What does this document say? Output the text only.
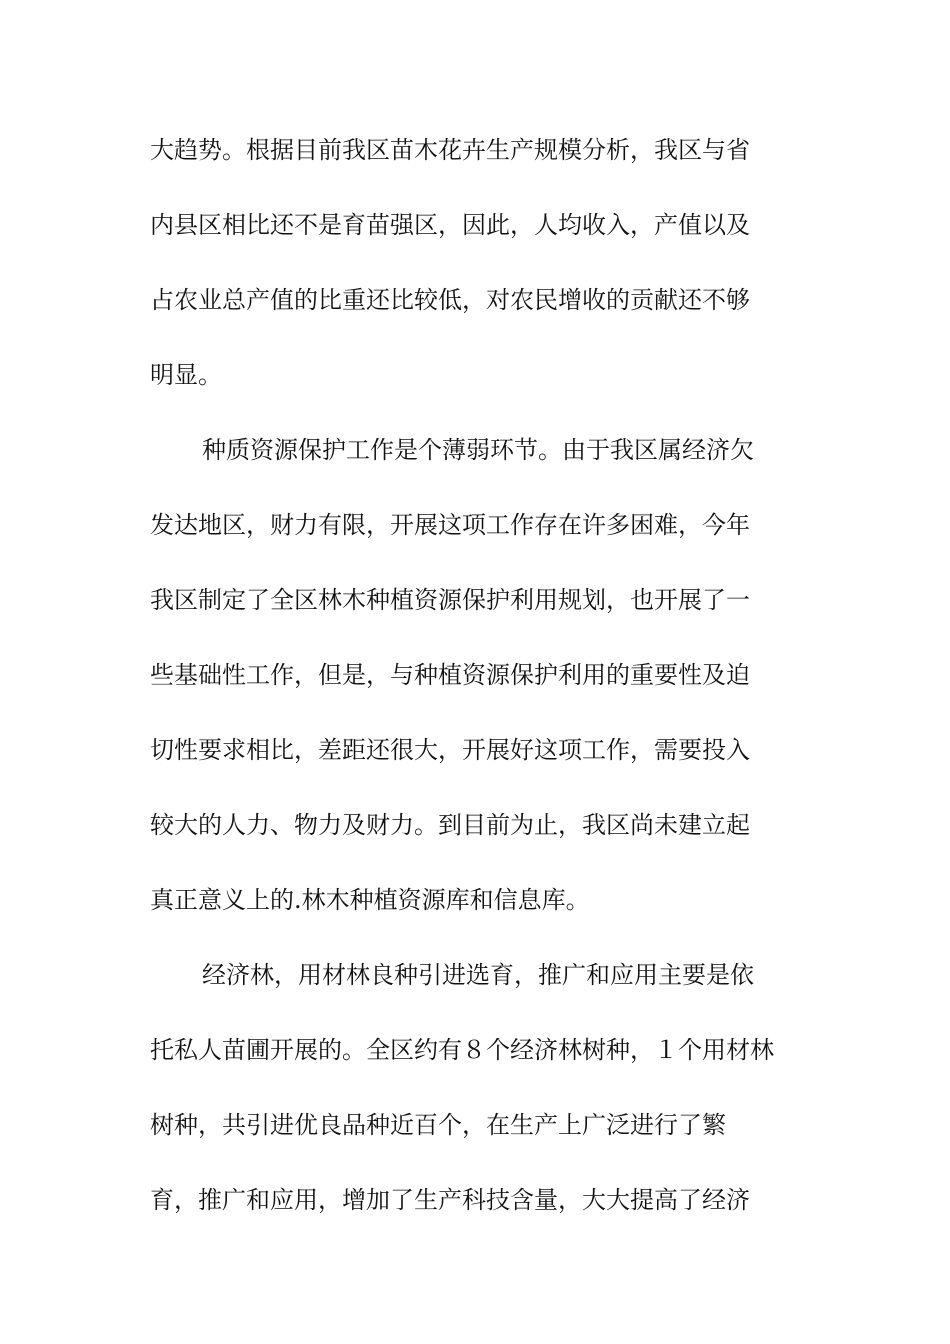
大趋势。根据目前我区苗木花卉生产规模分析，我区与省
内县区相比还不是育苗强区，因此，人均收入，产值以及
占农业总产值的比重还比较低，对农民增收的贡献还不够
明显。
种质资源保护工作是个薄弱环节。由于我区属经济欠
发达地区，财力有限，开展这项工作存在许多困难，今年
我区制定了全区林木种植资源保护利用规划，也开展了一
些基础性工作，但是，与种植资源保护利用的重要性及迫
切性要求相比，差距还很大，开展好这项工作，需要投入
较大的人力、物力及财力。到目前为止，我区尚未建立起
真正意义上的.林木种植资源库和信息库。
经济林，用材林良种引进选育，推广和应用主要是依
托私人苗圃开展的。全区约有８个经济林树种，１个用材林
树种，共引进优良品种近百个，在生产上广泛进行了繁
育，推广和应用，增加了生产科技含量，大大提高了经济
